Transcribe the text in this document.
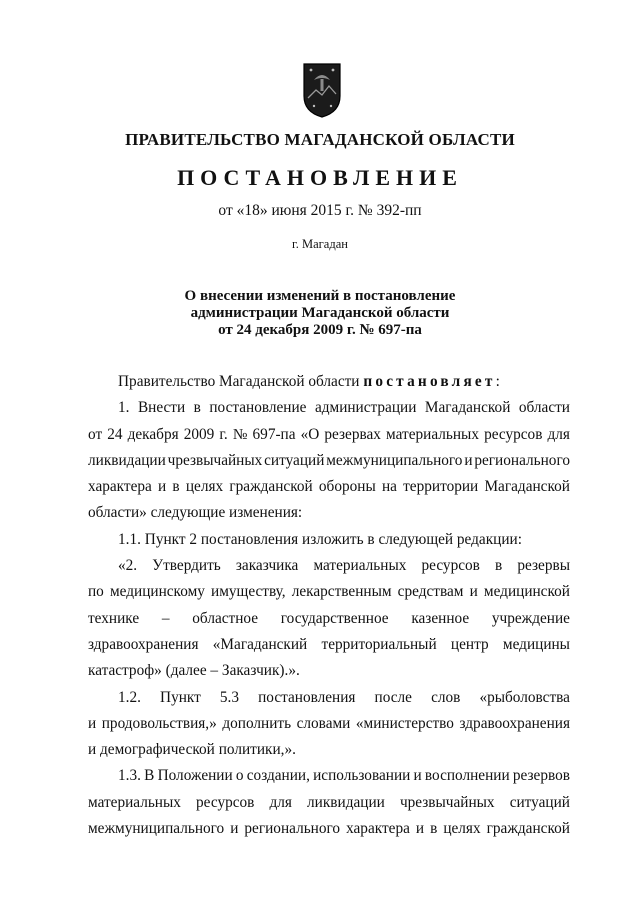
ПРАВИТЕЛЬСТВО МАГАДАНСКОЙ ОБЛАСТИ
ПОСТАНОВЛЕНИЕ
от «18» июня 2015 г. № 392-пп
г. Магадан
О внесении изменений в постановление
администрации Магаданской области
от 24 декабря 2009 г. № 697-па
Правительство Магаданской области
постановляет :
1. Внести в постановление администрации Магаданской области
от 24 декабря 2009 г. № 697-па «О резервах материальных ресурсов для
ликвидации чрезвычайных ситуаций межмуниципального и регионального
характера и в целях гражданской обороны на территории Магаданской
области» следующие изменения:
1.1. Пункт 2 постановления изложить в следующей редакции:
«2. Утвердить заказчика материальных ресурсов в резервы
по медицинскому имуществу, лекарственным средствам и медицинской
технике – областное государственное казенное учреждение
здравоохранения «Магаданский территориальный центр медицины
катастроф» (далее – Заказчик).».
1.2. Пункт 5.3 постановления после слов «рыболовства
и продовольствия,» дополнить словами «министерство здравоохранения
и демографической политики,».
1.3. В Положении о создании, использовании и восполнении резервов
материальных ресурсов для ликвидации чрезвычайных ситуаций
межмуниципального и регионального характера и в целях гражданской
